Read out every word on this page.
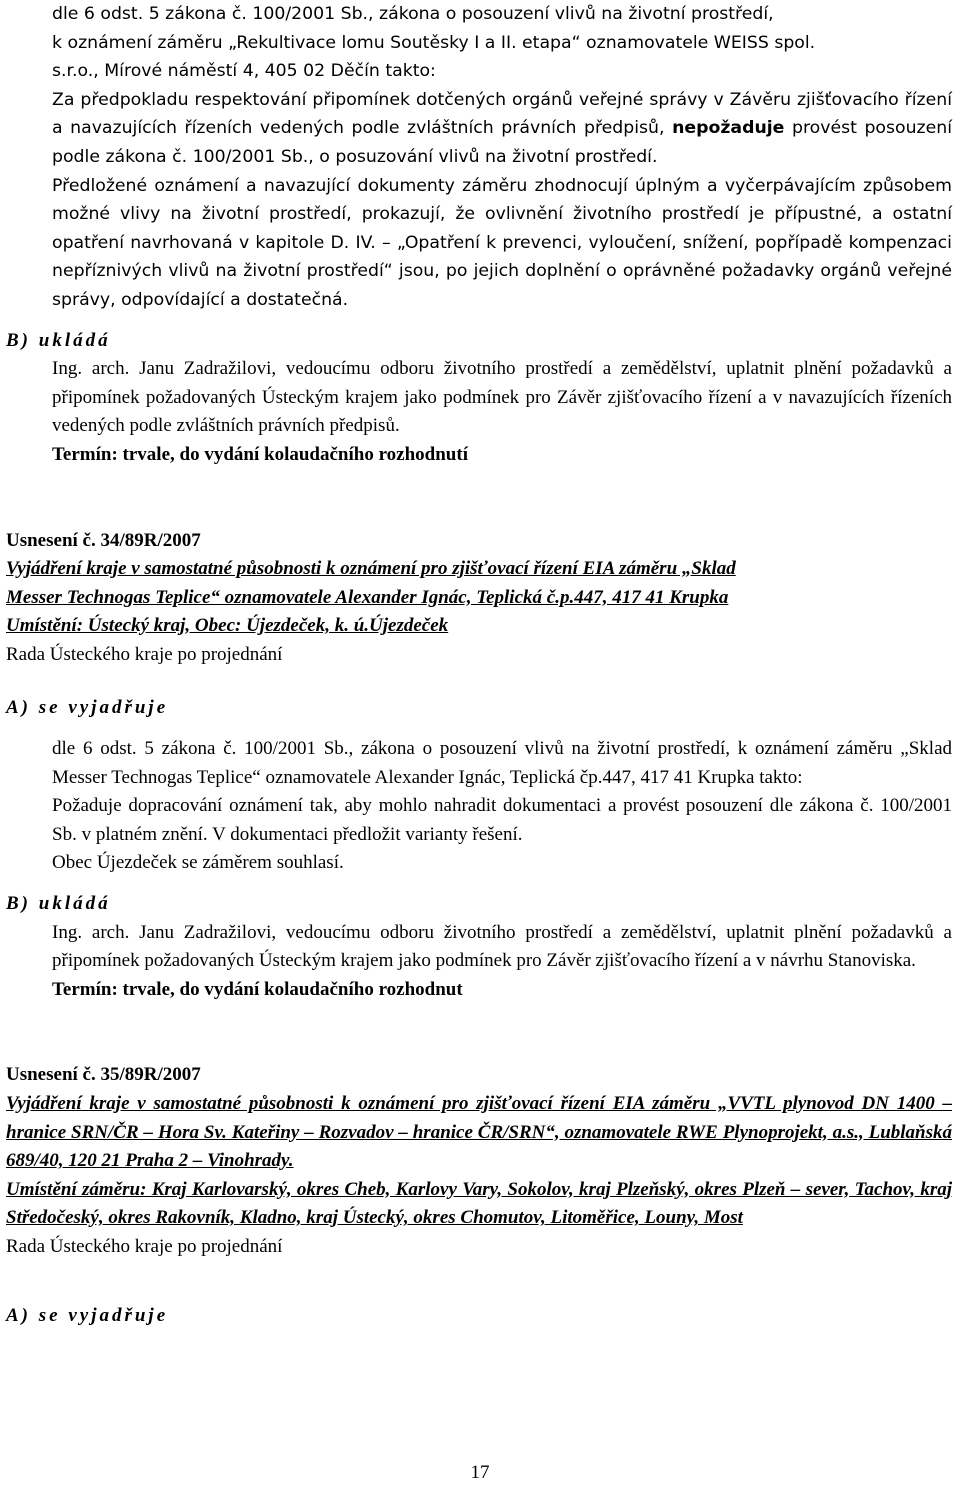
dle 6 odst. 5 zákona č. 100/2001 Sb., zákona o posouzení vlivů na životní prostředí,
k oznámení záměru „Rekultivace lomu Soutěsky I a II. etapa“ oznamovatele WEISS spol.
s.r.o., Mírové náměstí 4, 405 02 Děčín takto:

Za předpokladu respektování připomínek dotčených orgánů veřejné správy v Závěru zjišťovacího řízení a navazujících řízeních vedených podle zvláštních právních předpisů, nepožaduje provést posouzení podle zákona č. 100/2001 Sb., o posuzování vlivů na životní prostředí.

Předložené oznámení a navazující dokumenty záměru zhodnocují úplným a vyčerpávajícím způsobem možné vlivy na životní prostředí, prokazují, že ovlivnění životního prostředí je přípustné, a ostatní opatření navrhovaná v kapitole D. IV. – „Opatření k prevenci, vyloučení, snížení, popřípadě kompenzaci nepříznivých vlivů na životní prostředí“ jsou, po jejich doplnění o oprávněné požadavky orgánů veřejné správy, odpovídající a dostatečná.

B) ukládá

Ing. arch. Janu Zadražilovi, vedoucímu odboru životního prostředí a zemědělství, uplatnit plnění požadavků a připomínek požadovaných Ústeckým krajem jako podmínek pro Závěr zjišťovacího řízení a v navazujících řízeních vedených podle zvláštních právních předpisů.

Termín: trvale, do vydání kolaudačního rozhodnutí

Usnesení č. 34/89R/2007
Vyjádření kraje v samostatné působnosti k oznámení pro zjišťovací řízení EIA záměru „Sklad
Messer Technogas Teplice“ oznamovatele Alexander Ignác, Teplická č.p.447, 417 41 Krupka
Umístění: Ústecký kraj, Obec: Újezdeček, k. ú.Újezdeček
Rada Ústeckého kraje po projednání
A) se vyjadřuje

dle 6 odst. 5 zákona č. 100/2001 Sb., zákona o posouzení vlivů na životní prostředí, k oznámení záměru „Sklad Messer Technogas Teplice“ oznamovatele Alexander Ignác, Teplická čp.447, 417 41 Krupka takto:

Požaduje dopracování oznámení tak, aby mohlo nahradit dokumentaci a provést posouzení dle zákona č. 100/2001 Sb. v platném znění. V dokumentaci předložit varianty řešení.

Obec Újezdeček se záměrem souhlasí.

B) ukládá

Ing. arch. Janu Zadražilovi, vedoucímu odboru životního prostředí a zemědělství, uplatnit plnění požadavků a připomínek požadovaných Ústeckým krajem jako podmínek pro Závěr zjišťovacího řízení a v návrhu Stanoviska.

Termín: trvale, do vydání kolaudačního rozhodnut

Usnesení č. 35/89R/2007

Vyjádření kraje v samostatné působnosti k oznámení pro zjišťovací řízení EIA záměru „VVTL plynovod DN 1400 – hranice SRN/ČR – Hora Sv. Kateřiny – Rozvadov – hranice ČR/SRN“, oznamovatele RWE Plynoprojekt, a.s., Lublaňská 689/40, 120 21 Praha 2 – Vinohrady.

Umístění záměru: Kraj Karlovarský, okres Cheb, Karlovy Vary, Sokolov, kraj Plzeňský, okres Plzeň – sever, Tachov, kraj Středočeský, okres Rakovník, Kladno, kraj Ústecký, okres Chomutov, Litoměřice, Louny, Most

Rada Ústeckého kraje po projednání
A) se vyjadřuje
17
